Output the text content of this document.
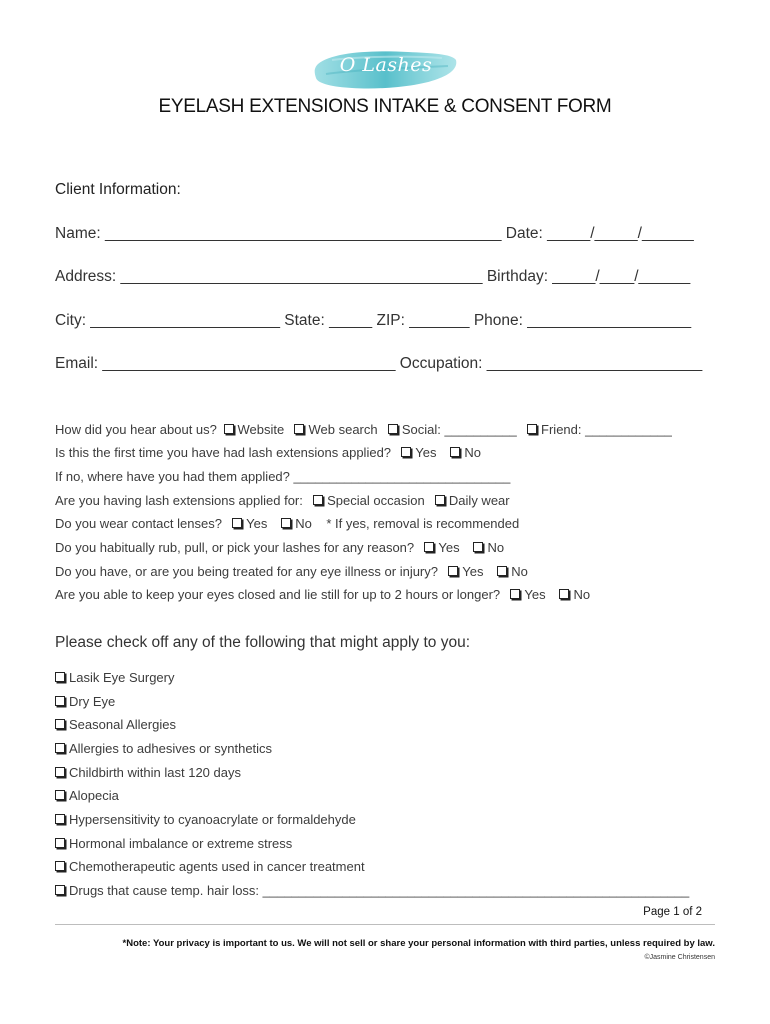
O Lashes
EYELASH EXTENSIONS INTAKE & CONSENT FORM
Client Information:
Name: ______________________________________________ Date: _____/_____/______
Address: __________________________________________ Birthday: _____/____/______
City: ______________________ State: _____ ZIP: _______ Phone: ___________________
Email: __________________________________ Occupation: _________________________
How did you hear about us? Website Web search Social: __________ Friend: ____________
Is this the first time you have had lash extensions applied? Yes No
If no, where have you had them applied? ______________________________
Are you having lash extensions applied for: Special occasion Daily wear
Do you wear contact lenses? Yes No * If yes, removal is recommended
Do you habitually rub, pull, or pick your lashes for any reason? Yes No
Do you have, or are you being treated for any eye illness or injury? Yes No
Are you able to keep your eyes closed and lie still for up to 2 hours or longer? Yes No
Please check off any of the following that might apply to you:
Lasik Eye Surgery
Dry Eye
Seasonal Allergies
Allergies to adhesives or synthetics
Childbirth within last 120 days
Alopecia
Hypersensitivity to cyanoacrylate or formaldehyde
Hormonal imbalance or extreme stress
Chemotherapeutic agents used in cancer treatment
Drugs that cause temp. hair loss: ___________________________________________________________
Page 1 of 2
*Note: Your privacy is important to us. We will not sell or share your personal information with third parties, unless required by law.
©Jasmine Christensen
